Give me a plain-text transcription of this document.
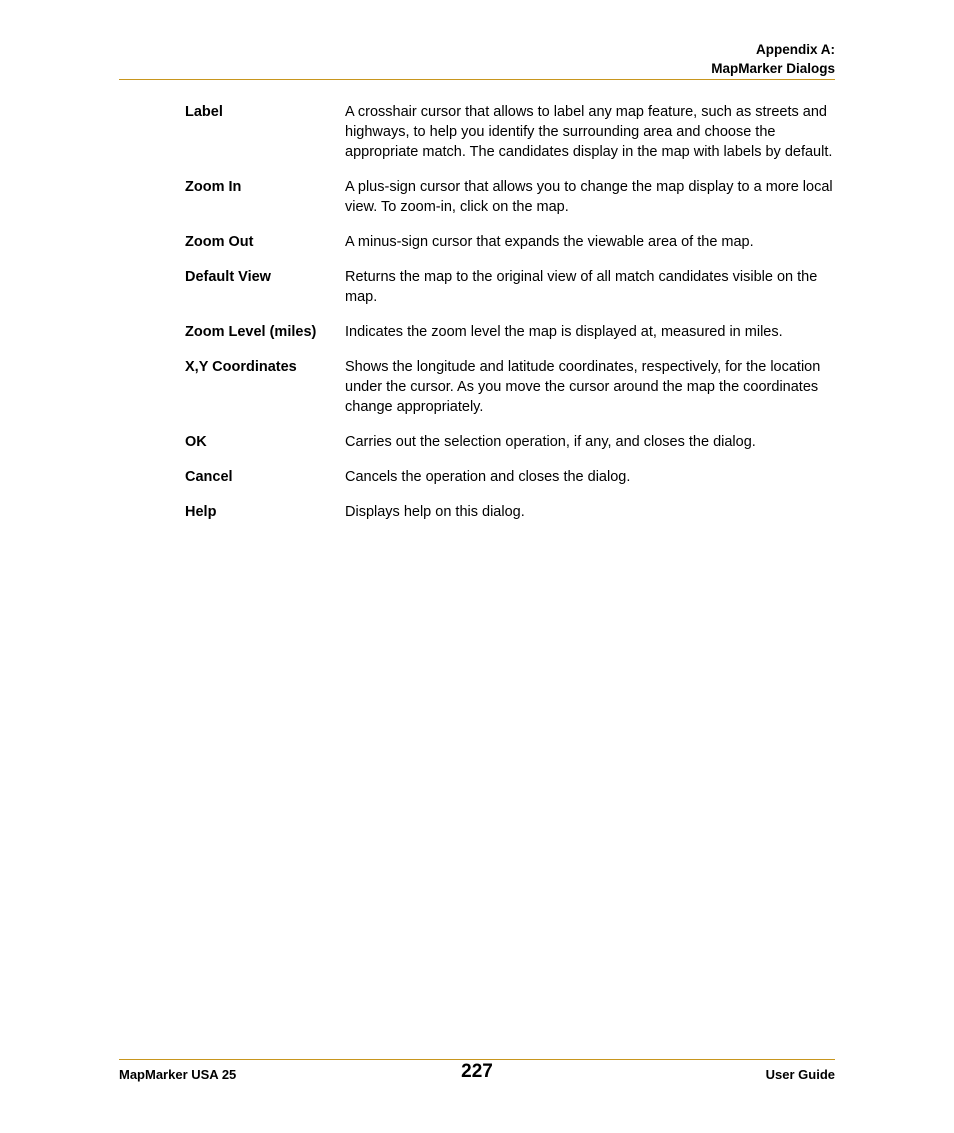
Appendix A:
MapMarker Dialogs
Label	A crosshair cursor that allows to label any map feature, such as streets and highways, to help you identify the surrounding area and choose the appropriate match. The candidates display in the map with labels by default.
Zoom In	A plus-sign cursor that allows you to change the map display to a more local view. To zoom-in, click on the map.
Zoom Out	A minus-sign cursor that expands the viewable area of the map.
Default View	Returns the map to the original view of all match candidates visible on the map.
Zoom Level (miles)	Indicates the zoom level the map is displayed at, measured in miles.
X,Y Coordinates	Shows the longitude and latitude coordinates, respectively, for the location under the cursor. As you move the cursor around the map the coordinates change appropriately.
OK	Carries out the selection operation, if any, and closes the dialog.
Cancel	Cancels the operation and closes the dialog.
Help	Displays help on this dialog.
MapMarker USA 25	227	User Guide
